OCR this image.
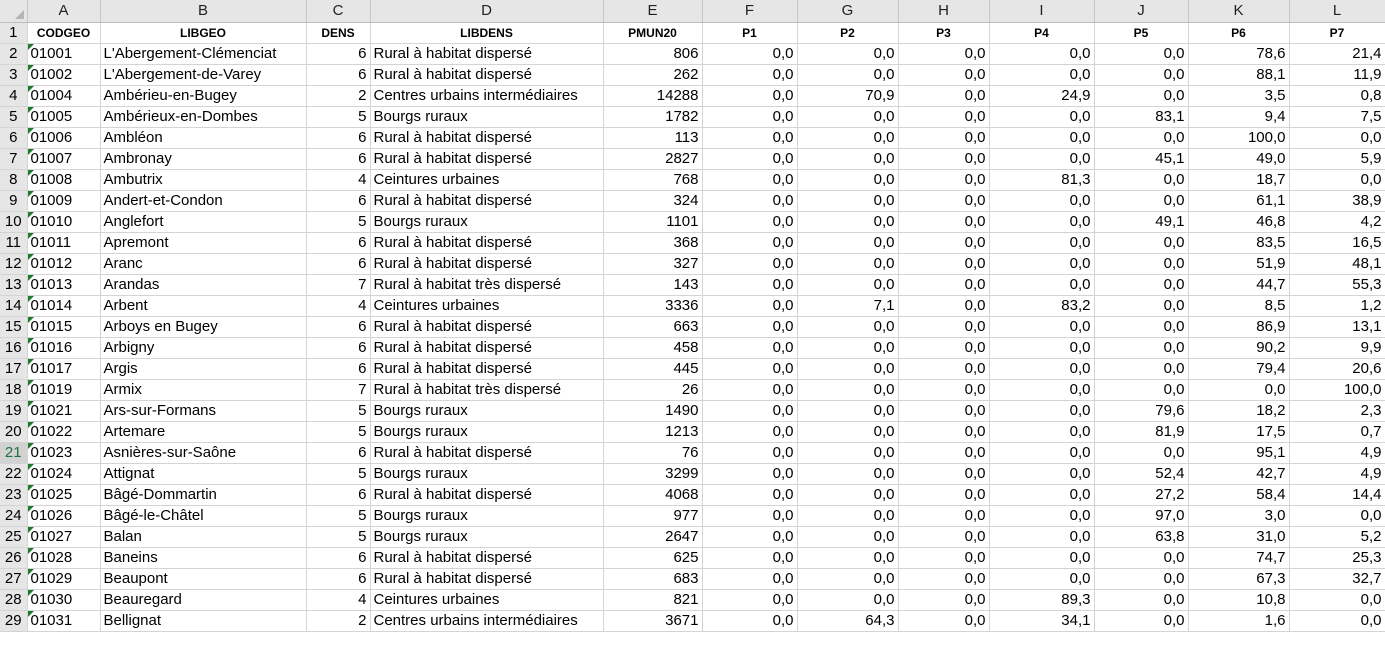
	A	B	C	D	E	F	G	H	I	J	K	L
1	CODGEO	LIBGEO	DENS	LIBDENS	PMUN20	P1	P2	P3	P4	P5	P6	P7
2	01001	L'Abergement-Clémenciat	6	Rural à habitat dispersé	806	0,0	0,0	0,0	0,0	0,0	78,6	21,4
3	01002	L'Abergement-de-Varey	6	Rural à habitat dispersé	262	0,0	0,0	0,0	0,0	0,0	88,1	11,9
4	01004	Ambérieu-en-Bugey	2	Centres urbains intermédiaires	14288	0,0	70,9	0,0	24,9	0,0	3,5	0,8
5	01005	Ambérieux-en-Dombes	5	Bourgs ruraux	1782	0,0	0,0	0,0	0,0	83,1	9,4	7,5
6	01006	Ambléon	6	Rural à habitat dispersé	113	0,0	0,0	0,0	0,0	0,0	100,0	0,0
7	01007	Ambronay	6	Rural à habitat dispersé	2827	0,0	0,0	0,0	0,0	45,1	49,0	5,9
8	01008	Ambutrix	4	Ceintures urbaines	768	0,0	0,0	0,0	81,3	0,0	18,7	0,0
9	01009	Andert-et-Condon	6	Rural à habitat dispersé	324	0,0	0,0	0,0	0,0	0,0	61,1	38,9
10	01010	Anglefort	5	Bourgs ruraux	1101	0,0	0,0	0,0	0,0	49,1	46,8	4,2
11	01011	Apremont	6	Rural à habitat dispersé	368	0,0	0,0	0,0	0,0	0,0	83,5	16,5
12	01012	Aranc	6	Rural à habitat dispersé	327	0,0	0,0	0,0	0,0	0,0	51,9	48,1
13	01013	Arandas	7	Rural à habitat très dispersé	143	0,0	0,0	0,0	0,0	0,0	44,7	55,3
14	01014	Arbent	4	Ceintures urbaines	3336	0,0	7,1	0,0	83,2	0,0	8,5	1,2
15	01015	Arboys en Bugey	6	Rural à habitat dispersé	663	0,0	0,0	0,0	0,0	0,0	86,9	13,1
16	01016	Arbigny	6	Rural à habitat dispersé	458	0,0	0,0	0,0	0,0	0,0	90,2	9,9
17	01017	Argis	6	Rural à habitat dispersé	445	0,0	0,0	0,0	0,0	0,0	79,4	20,6
18	01019	Armix	7	Rural à habitat très dispersé	26	0,0	0,0	0,0	0,0	0,0	0,0	100,0
19	01021	Ars-sur-Formans	5	Bourgs ruraux	1490	0,0	0,0	0,0	0,0	79,6	18,2	2,3
20	01022	Artemare	5	Bourgs ruraux	1213	0,0	0,0	0,0	0,0	81,9	17,5	0,7
21	01023	Asnières-sur-Saône	6	Rural à habitat dispersé	76	0,0	0,0	0,0	0,0	0,0	95,1	4,9
22	01024	Attignat	5	Bourgs ruraux	3299	0,0	0,0	0,0	0,0	52,4	42,7	4,9
23	01025	Bâgé-Dommartin	6	Rural à habitat dispersé	4068	0,0	0,0	0,0	0,0	27,2	58,4	14,4
24	01026	Bâgé-le-Châtel	5	Bourgs ruraux	977	0,0	0,0	0,0	0,0	97,0	3,0	0,0
25	01027	Balan	5	Bourgs ruraux	2647	0,0	0,0	0,0	0,0	63,8	31,0	5,2
26	01028	Baneins	6	Rural à habitat dispersé	625	0,0	0,0	0,0	0,0	0,0	74,7	25,3
27	01029	Beaupont	6	Rural à habitat dispersé	683	0,0	0,0	0,0	0,0	0,0	67,3	32,7
28	01030	Beauregard	4	Ceintures urbaines	821	0,0	0,0	0,0	89,3	0,0	10,8	0,0
29	01031	Bellignat	2	Centres urbains intermédiaires	3671	0,0	64,3	0,0	34,1	0,0	1,6	0,0
